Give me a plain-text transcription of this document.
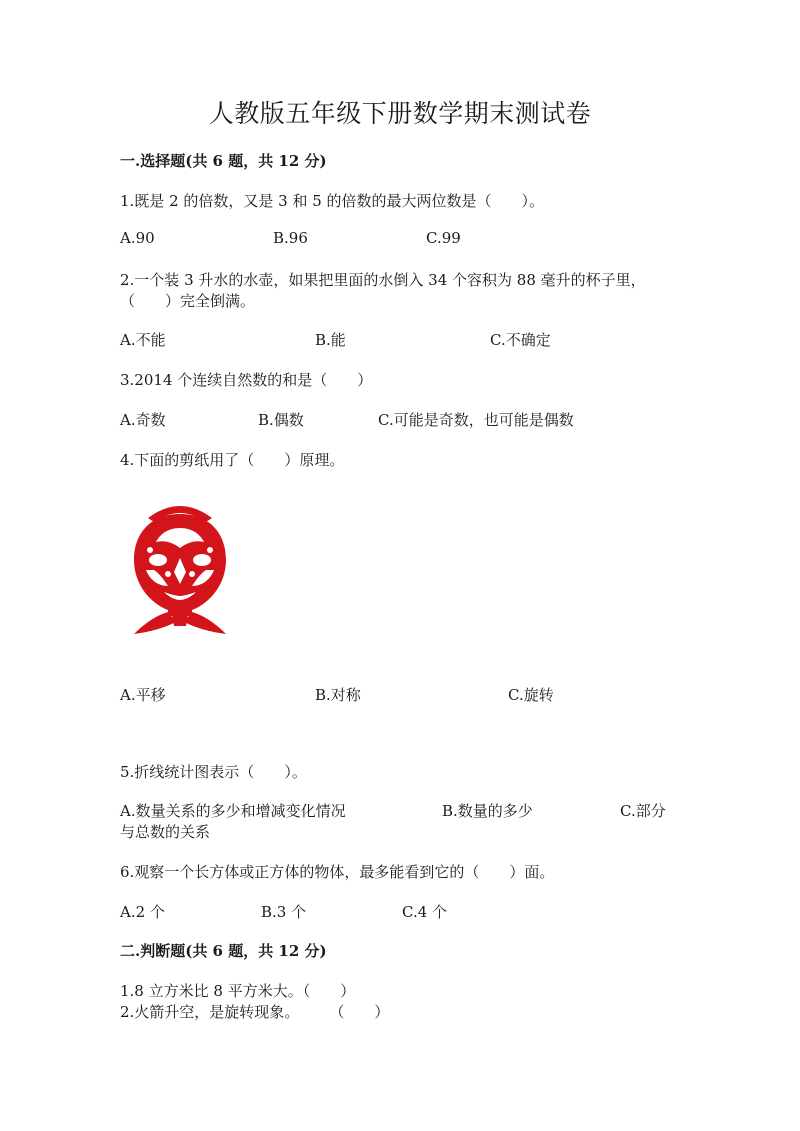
人教版五年级下册数学期末测试卷
一.选择题(共 6 题，共 12 分)
1.既是 2 的倍数，又是 3 和 5 的倍数的最大两位数是（　　）。
A.90	B.96	C.99
2.一个装 3 升水的水壶，如果把里面的水倒入 34 个容积为 88 毫升的杯子里，
（　　）完全倒满。
A.不能	B.能	C.不确定
3.2014 个连续自然数的和是（　　）
A.奇数	B.偶数	C.可能是奇数，也可能是偶数
4.下面的剪纸用了（　　）原理。
A.平移	B.对称	C.旋转
5.折线统计图表示（　　）。
A.数量关系的多少和增减变化情况	B.数量的多少	C.部分
与总数的关系
6.观察一个长方体或正方体的物体，最多能看到它的（　　）面。
A.2 个	B.3 个	C.4 个
二.判断题(共 6 题，共 12 分)
1.8 立方米比 8 平方米大。（　　）
2.火箭升空，是旋转现象。　　　（　　）
